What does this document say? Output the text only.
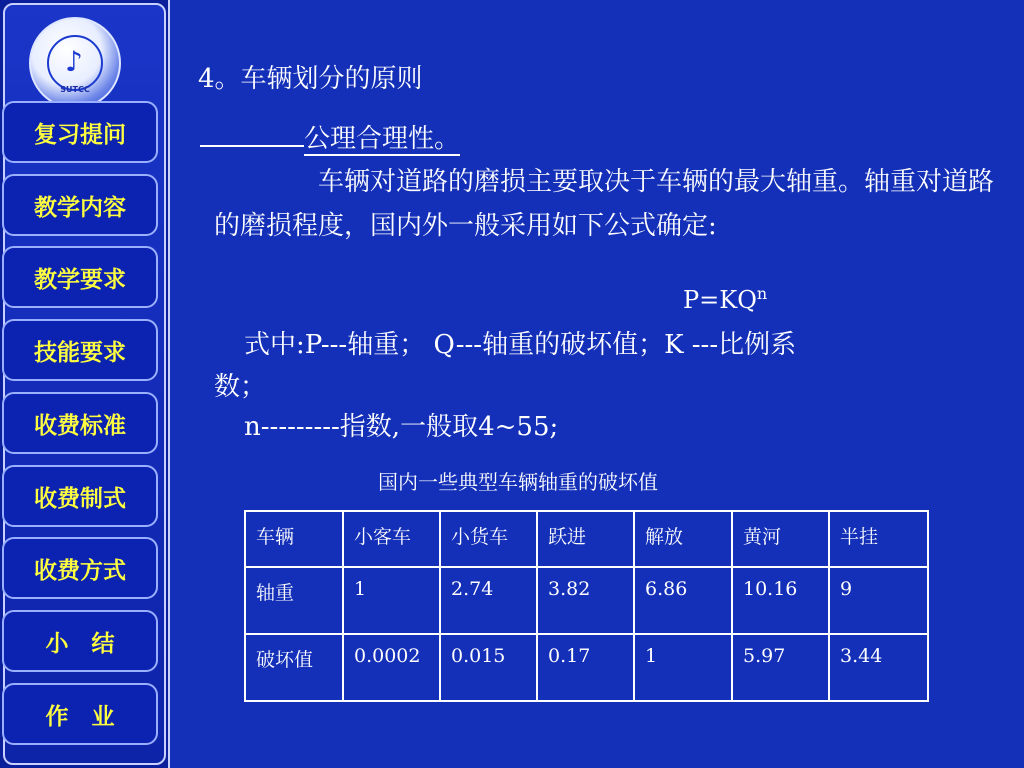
♪
SUTCC
复习提问
教学内容
教学要求
技能要求
收费标准
收费制式
收费方式
小　结
作　业
4。车辆划分的原则
公理合理性。
　　　　车辆对道路的磨损主要取决于车辆的最大轴重。轴重对道路的磨损程度，国内外一般采用如下公式确定:
$P=KQ^n$
式中:P---轴重； Q---轴重的破坏值；K ---比例系
数；
n---------指数,一般取4~55;
国内一些典型车辆轴重的破坏值
车辆	小客车	小货车	跃进	解放	黄河	半挂
轴重	1	2.74	3.82	6.86	10.16	9
破坏值	0.0002	0.015	0.17	1	5.97	3.44
